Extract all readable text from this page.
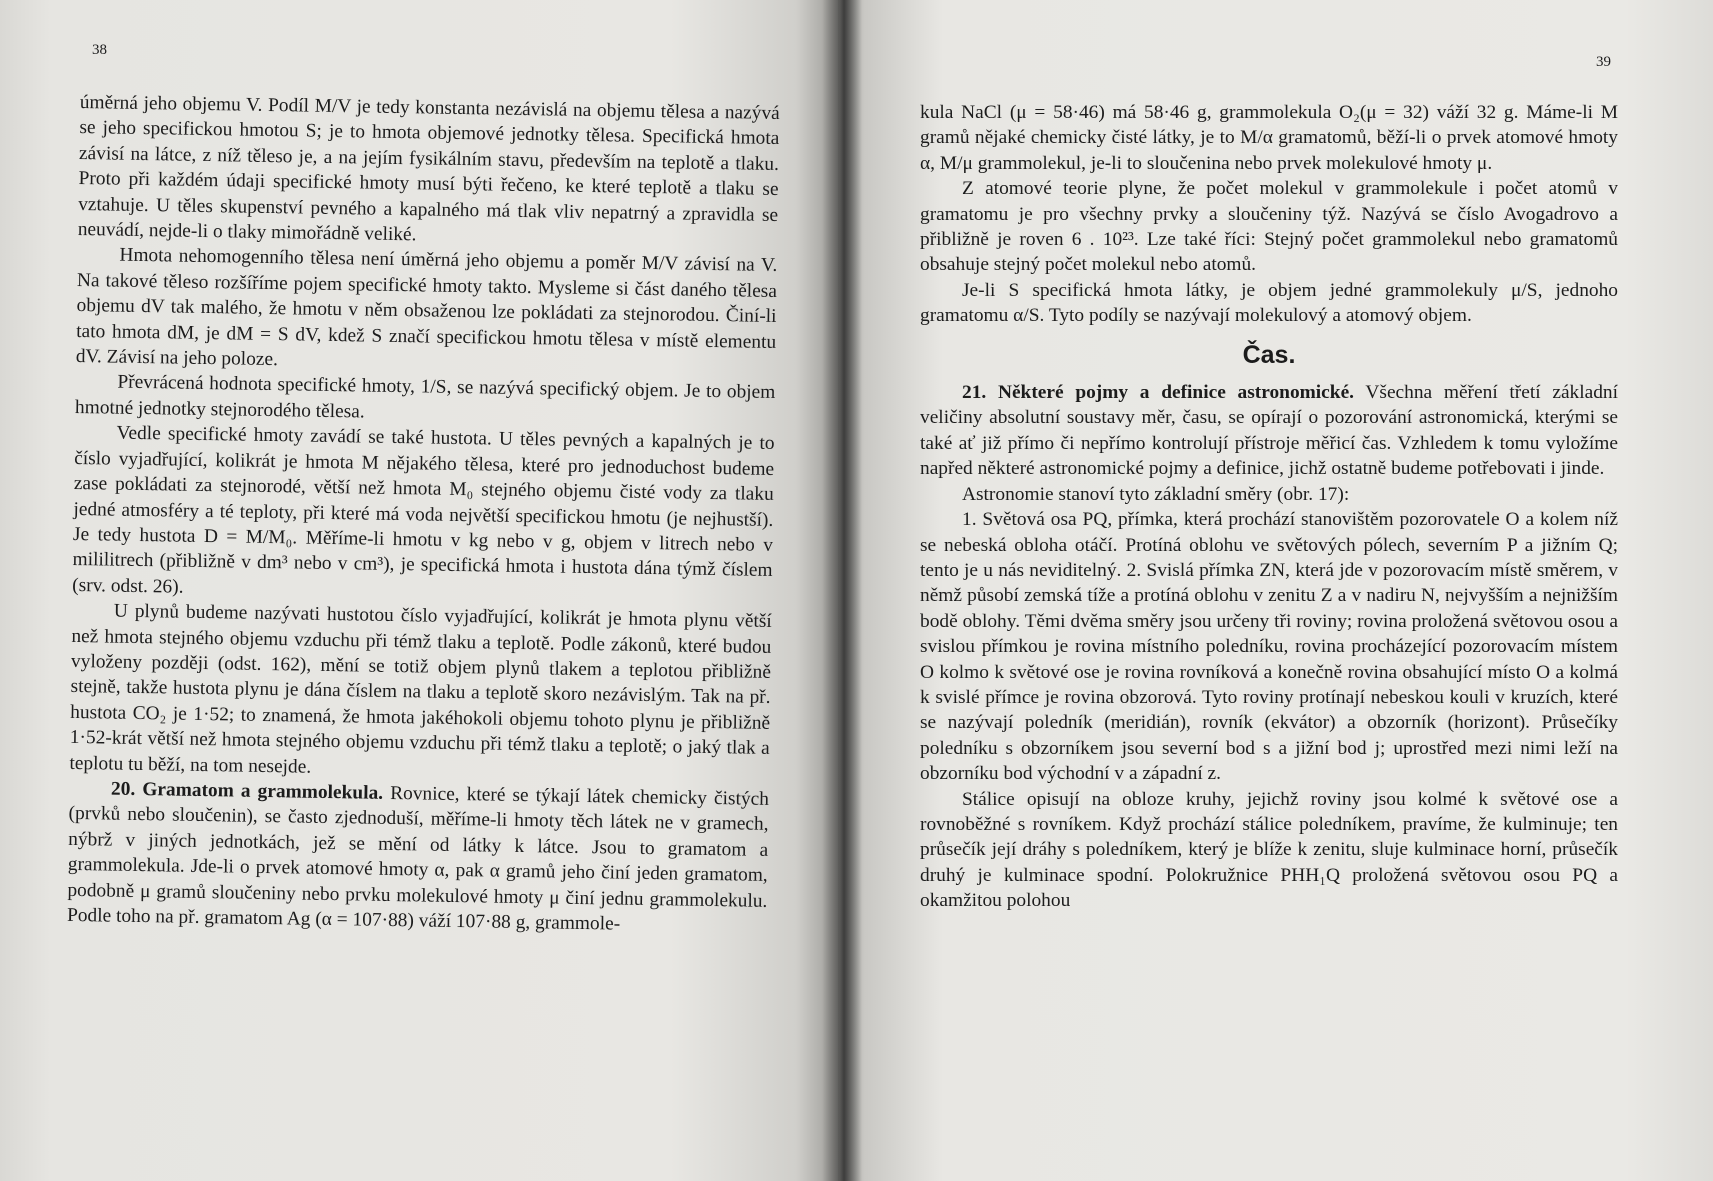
38

úměrná jeho objemu V. Podíl M/V je tedy konstanta nezávislá na objemu tělesa a nazývá se jeho specifickou hmotou S; je to hmota objemové jednotky tělesa. Specifická hmota závisí na látce, z níž těleso je, a na jejím fysikálním stavu, především na teplotě a tlaku. Proto při každém údaji specifické hmoty musí býti řečeno, ke které teplotě a tlaku se vztahuje. U těles skupenství pevného a kapalného má tlak vliv nepatrný a zpravidla se neuvádí, nejde-li o tlaky mimořádně veliké.

Hmota nehomogenního tělesa není úměrná jeho objemu a poměr M/V závisí na V. Na takové těleso rozšíříme pojem specifické hmoty takto. Mysleme si část daného tělesa objemu dV tak malého, že hmotu v něm obsaženou lze pokládati za stejnorodou. Činí-li tato hmota dM, je dM = S dV, kdež S značí specifickou hmotu tělesa v místě elementu dV. Závisí na jeho poloze.

Převrácená hodnota specifické hmoty, 1/S, se nazývá specifický objem. Je to objem hmotné jednotky stejnorodého tělesa.

Vedle specifické hmoty zavádí se také hustota. U těles pevných a kapalných je to číslo vyjadřující, kolikrát je hmota M nějakého tělesa, které pro jednoduchost budeme zase pokládati za stejnorodé, větší než hmota M₀ stejného objemu čisté vody za tlaku jedné atmosféry a té teploty, při které má voda největší specifickou hmotu (je nejhustší). Je tedy hustota D = M/M₀. Měříme-li hmotu v kg nebo v g, objem v litrech nebo v mililitrech (přibližně v dm³ nebo v cm³), je specifická hmota i hustota dána týmž číslem (srv. odst. 26).

U plynů budeme nazývati hustotou číslo vyjadřující, kolikrát je hmota plynu větší než hmota stejného objemu vzduchu při témž tlaku a teplotě. Podle zákonů, které budou vyloženy později (odst. 162), mění se totiž objem plynů tlakem a teplotou přibližně stejně, takže hustota plynu je dána číslem na tlaku a teplotě skoro nezávislým. Tak na př. hustota CO₂ je 1·52; to znamená, že hmota jakéhokoli objemu tohoto plynu je přibližně 1·52-krát větší než hmota stejného objemu vzduchu při témž tlaku a teplotě; o jaký tlak a teplotu tu běží, na tom nesejde.

20. Gramatom a grammolekula. Rovnice, které se týkají látek chemicky čistých (prvků nebo sloučenin), se často zjednoduší, měříme-li hmoty těch látek ne v gramech, nýbrž v jiných jednotkách, jež se mění od látky k látce. Jsou to gramatom a grammolekula. Jde-li o prvek atomové hmoty α, pak α gramů jeho činí jeden gramatom, podobně μ gramů sloučeniny nebo prvku molekulové hmoty μ činí jednu grammolekulu. Podle toho na př. gramatom Ag (α = 107·88) váží 107·88 g, grammole-

39

kula NaCl (μ = 58·46) má 58·46 g, grammolekula O₂(μ = 32) váží 32 g. Máme-li M gramů nějaké chemicky čisté látky, je to M/α gramatomů, běží-li o prvek atomové hmoty α, M/μ grammolekul, je-li to sloučenina nebo prvek molekulové hmoty μ.

Z atomové teorie plyne, že počet molekul v grammolekule i počet atomů v gramatomu je pro všechny prvky a sloučeniny týž. Nazývá se číslo Avogadrovo a přibližně je roven 6 . 10²³. Lze také říci: Stejný počet grammolekul nebo gramatomů obsahuje stejný počet molekul nebo atomů.

Je-li S specifická hmota látky, je objem jedné grammolekuly μ/S, jednoho gramatomu α/S. Tyto podíly se nazývají molekulový a atomový objem.

Čas.

21. Některé pojmy a definice astronomické. Všechna měření třetí základní veličiny absolutní soustavy měr, času, se opírají o pozorování astronomická, kterými se také ať již přímo či nepřímo kontrolují přístroje měřicí čas. Vzhledem k tomu vyložíme napřed některé astronomické pojmy a definice, jichž ostatně budeme potřebovati i jinde.

Astronomie stanoví tyto základní směry (obr. 17):

1. Světová osa PQ, přímka, která prochází stanovištěm pozorovatele O a kolem níž se nebeská obloha otáčí. Protíná oblohu ve světových pólech, severním P a jižním Q; tento je u nás neviditelný. 2. Svislá přímka ZN, která jde v pozorovacím místě směrem, v němž působí zemská tíže a protíná oblohu v zenitu Z a v nadiru N, nejvyšším a nejnižším bodě oblohy. Těmi dvěma směry jsou určeny tři roviny; rovina proložená světovou osou a svislou přímkou je rovina místního poledníku, rovina procházející pozorovacím místem O kolmo k světové ose je rovina rovníková a konečně rovina obsahující místo O a kolmá k svislé přímce je rovina obzorová. Tyto roviny protínají nebeskou kouli v kruzích, které se nazývají poledník (meridián), rovník (ekvátor) a obzorník (horizont). Průsečíky poledníku s obzorníkem jsou severní bod s a jižní bod j; uprostřed mezi nimi leží na obzorníku bod východní v a západní z.

Stálice opisují na obloze kruhy, jejichž roviny jsou kolmé k světové ose a rovnoběžné s rovníkem. Když prochází stálice poledníkem, pravíme, že kulminuje; ten průsečík její dráhy s poledníkem, který je blíže k zenitu, sluje kulminace horní, průsečík druhý je kulminace spodní. Polokružnice PHH₁Q proložená světovou osou PQ a okamžitou polohou
